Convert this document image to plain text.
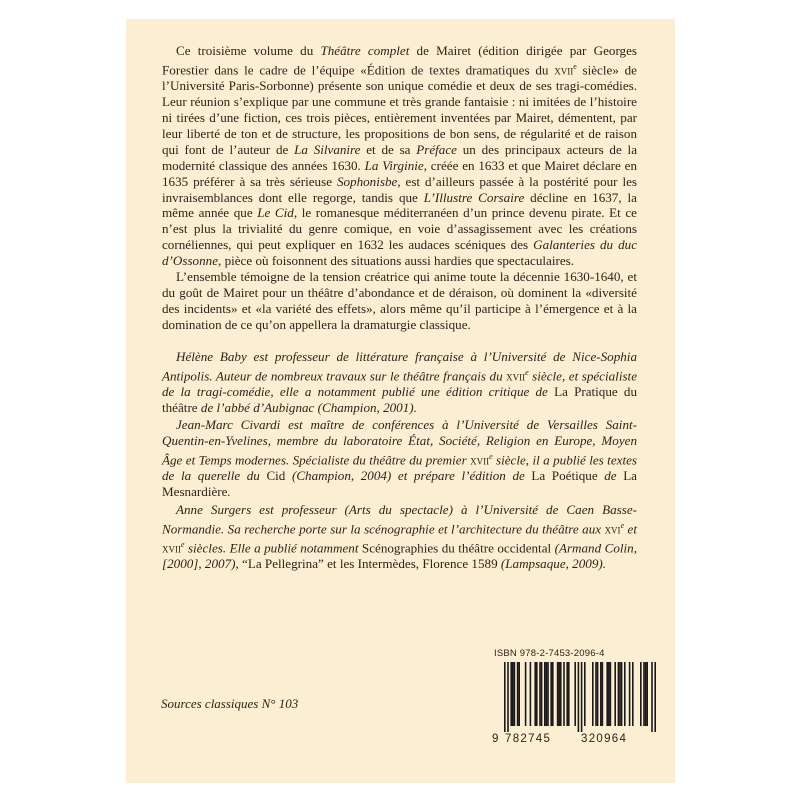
Ce troisième volume du Théâtre complet de Mairet (édition dirigée par Georges Forestier dans le cadre de l’équipe «Édition de textes dramatiques du xvii$^e$ siècle» de l’Université Paris-Sorbonne) présente son unique comédie et deux de ses tragi-comédies. Leur réunion s’explique par une commune et très grande fantaisie : ni imitées de l’histoire ni tirées d’une fiction, ces trois pièces, entièrement inventées par Mairet, démentent, par leur liberté de ton et de structure, les propositions de bon sens, de régularité et de raison qui font de l’auteur de La Silvanire et de sa Préface un des principaux acteurs de la modernité classique des années 1630. La Virginie, créée en 1633 et que Mairet déclare en 1635 préférer à sa très sérieuse Sophonisbe, est d’ailleurs passée à la postérité pour les invraisemblances dont elle regorge, tandis que L’Illustre Corsaire décline en 1637, la même année que Le Cid, le romanesque méditerranéen d’un prince devenu pirate. Et ce n’est plus la trivialité du genre comique, en voie d’assagissement avec les créations cornéliennes, qui peut expliquer en 1632 les audaces scéniques des Galanteries du duc d’Ossonne, pièce où foisonnent des situations aussi hardies que spectaculaires.

L’ensemble témoigne de la tension créatrice qui anime toute la décennie 1630-1640, et du goût de Mairet pour un théâtre d’abondance et de déraison, où dominent la «diversité des incidents» et «la variété des effets», alors même qu’il participe à l’émergence et à la domination de ce qu’on appellera la dramaturgie classique.

Hélène Baby est professeur de littérature française à l’Université de Nice-Sophia Antipolis. Auteur de nombreux travaux sur le théâtre français du xvii$^e$ siècle, et spécialiste de la tragi-comédie, elle a notamment publié une édition critique de La Pratique du théâtre de l’abbé d’Aubignac (Champion, 2001).
Jean-Marc Civardi est maître de conférences à l’Université de Versailles Saint-Quentin-en-Yvelines, membre du laboratoire État, Société, Religion en Europe, Moyen Âge et Temps modernes. Spécialiste du théâtre du premier xvii$^e$ siècle, il a publié les textes de la querelle du Cid (Champion, 2004) et prépare l’édition de La Poétique de La Mesnardière.
Anne Surgers est professeur (Arts du spectacle) à l’Université de Caen Basse-Normandie. Sa recherche porte sur la scénographie et l’architecture du théâtre aux xvi$^e$ et xvii$^e$ siècles. Elle a publié notamment Scénographies du théâtre occidental (Armand Colin, [2000], 2007), “La Pellegrina” et les Intermèdes, Florence 1589 (Lampsaque, 2009).
Sources classiques N° 103
ISBN 978-2-7453-2096-4
9 782745	320964
